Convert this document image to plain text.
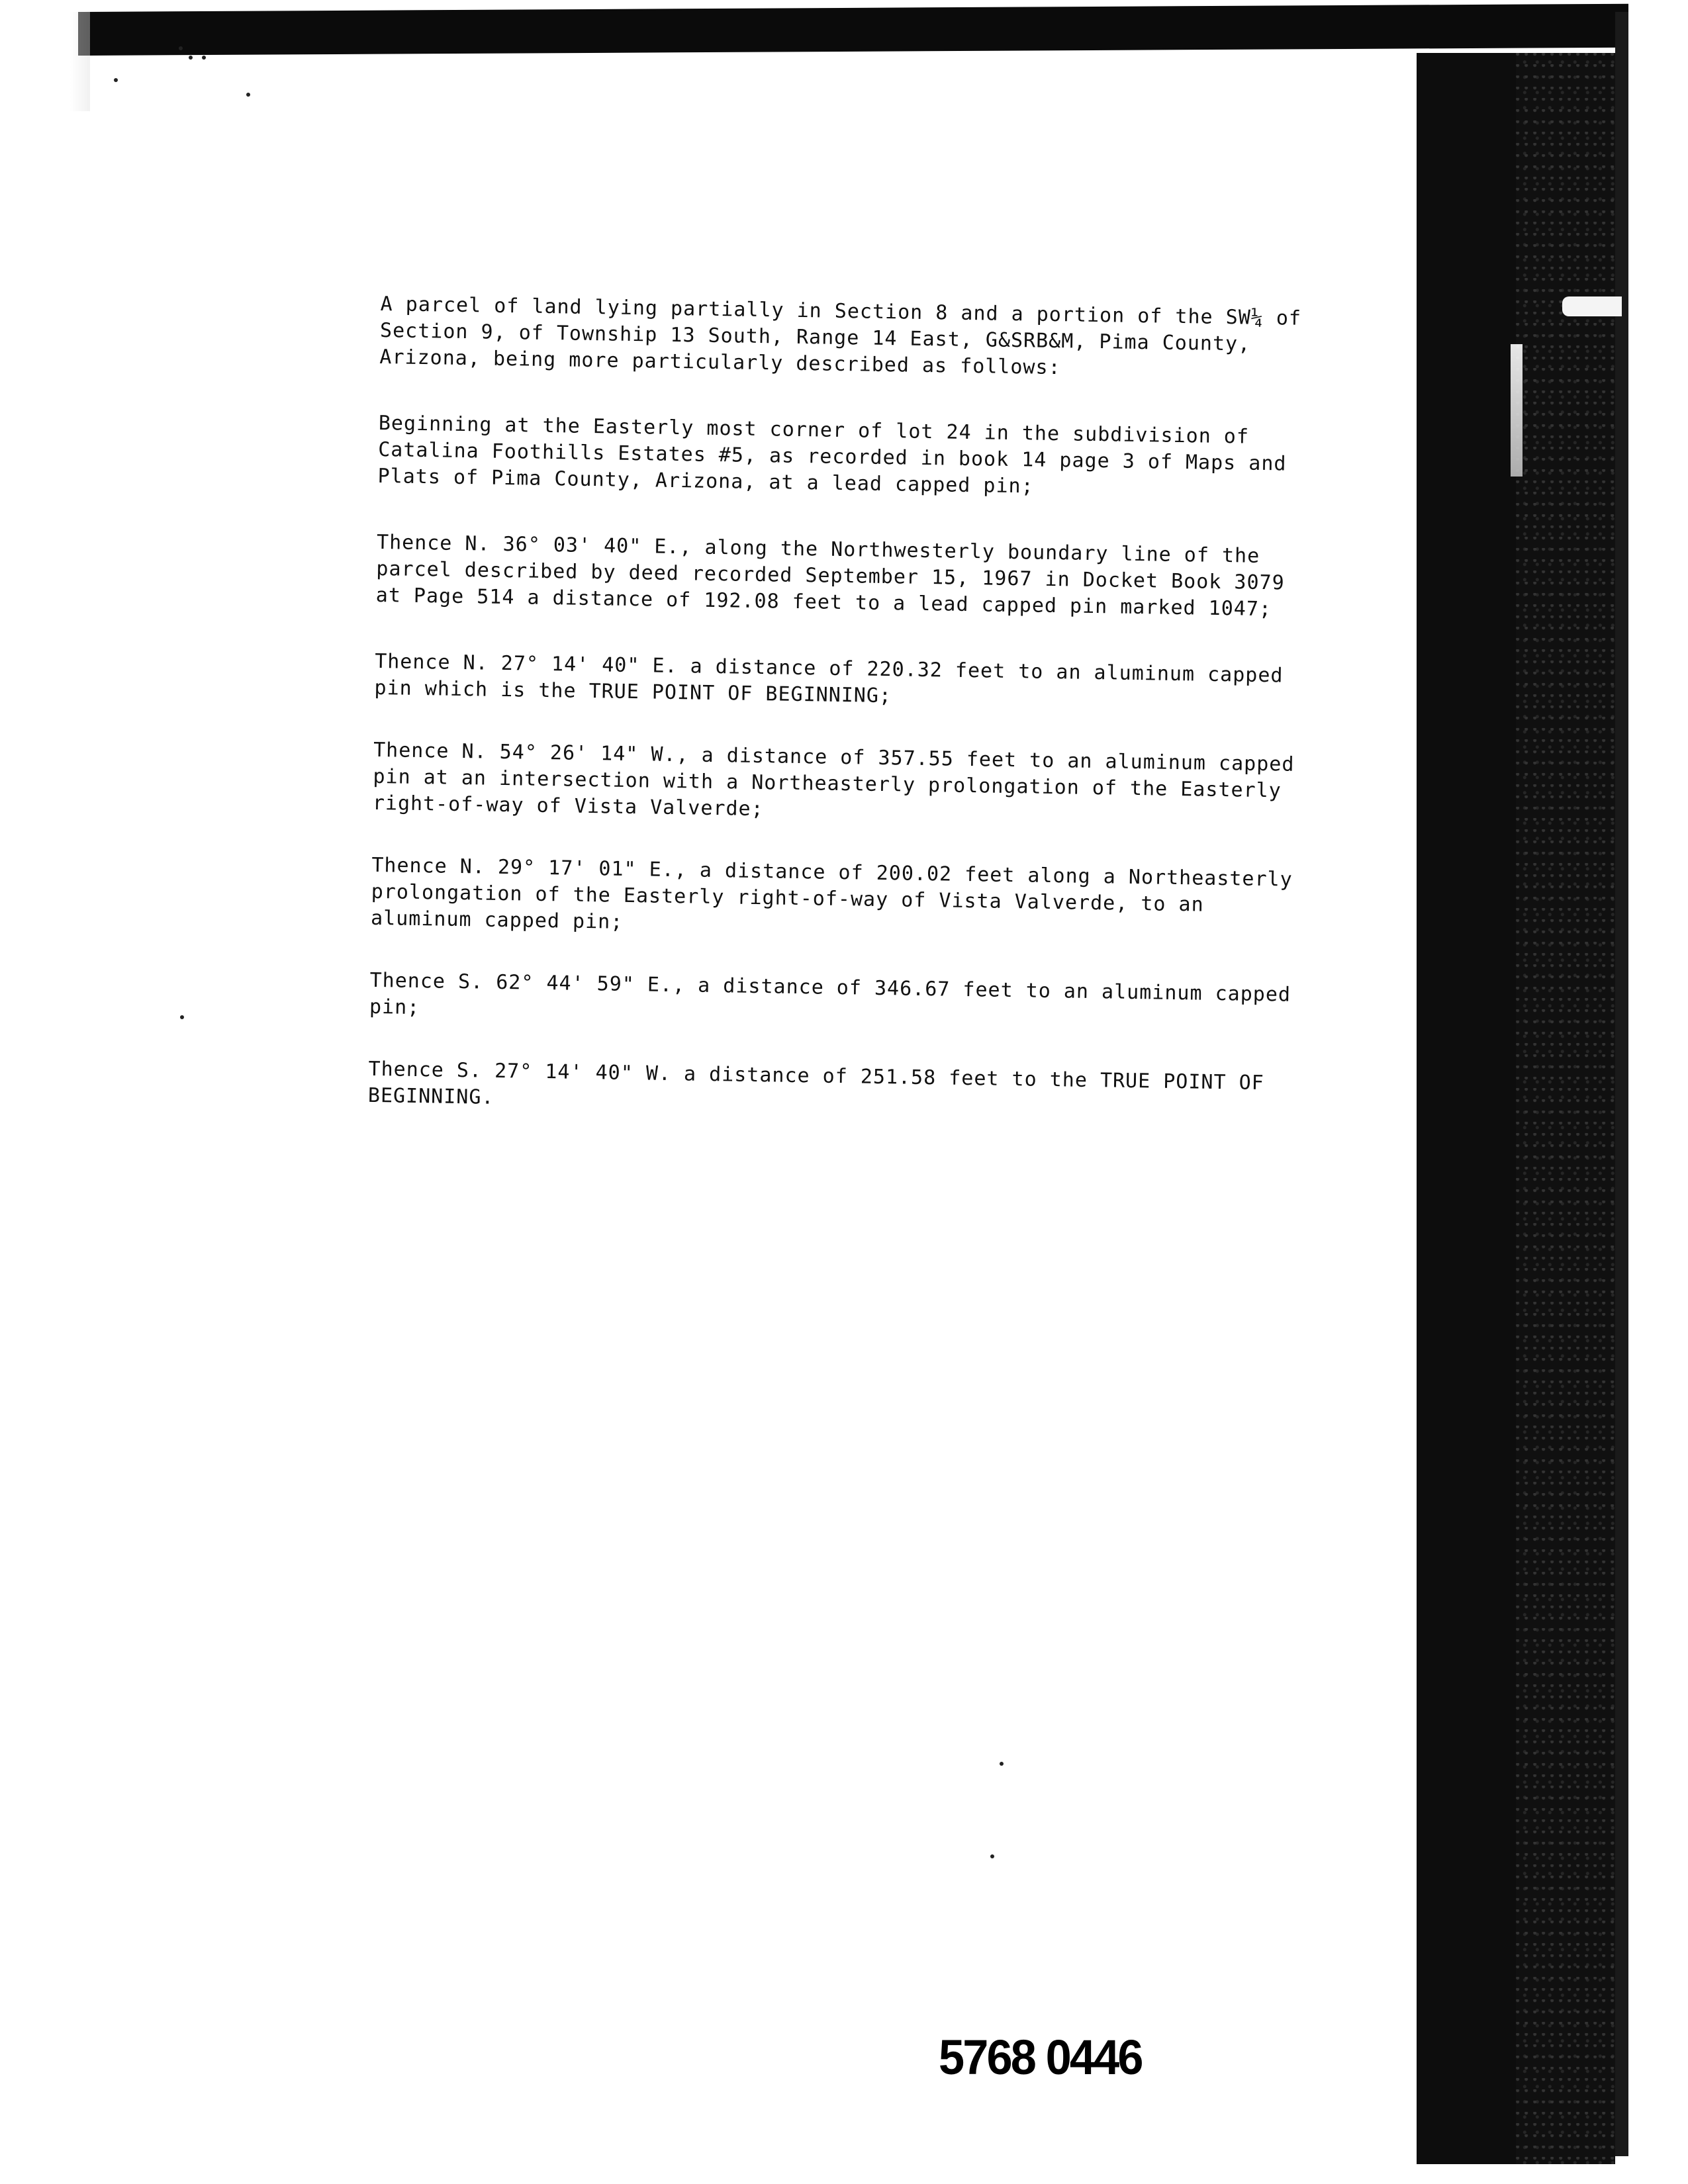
A parcel of land lying partially in Section 8 and a portion of the SW¼ of Section 9, of Township 13 South, Range 14 East, G&SRB&M, Pima County, Arizona, being more particularly described as follows:

Beginning at the Easterly most corner of lot 24 in the subdivision of Catalina Foothills Estates #5, as recorded in book 14 page 3 of Maps and Plats of Pima County, Arizona, at a lead capped pin;

Thence N. 36° 03' 40" E., along the Northwesterly boundary line of the parcel described by deed recorded September 15, 1967 in Docket Book 3079 at Page 514 a distance of 192.08 feet to a lead capped pin marked 1047;

Thence N. 27° 14' 40" E. a distance of 220.32 feet to an aluminum capped pin which is the TRUE POINT OF BEGINNING;

Thence N. 54° 26' 14" W., a distance of 357.55 feet to an aluminum capped pin at an intersection with a Northeasterly prolongation of the Easterly right-of-way of Vista Valverde;

Thence N. 29° 17' 01" E., a distance of 200.02 feet along a Northeasterly prolongation of the Easterly right-of-way of Vista Valverde, to an aluminum capped pin;

Thence S. 62° 44' 59" E., a distance of 346.67 feet to an aluminum capped pin;

Thence S. 27° 14' 40" W. a distance of 251.58 feet to the TRUE POINT OF BEGINNING.

5768 0446
